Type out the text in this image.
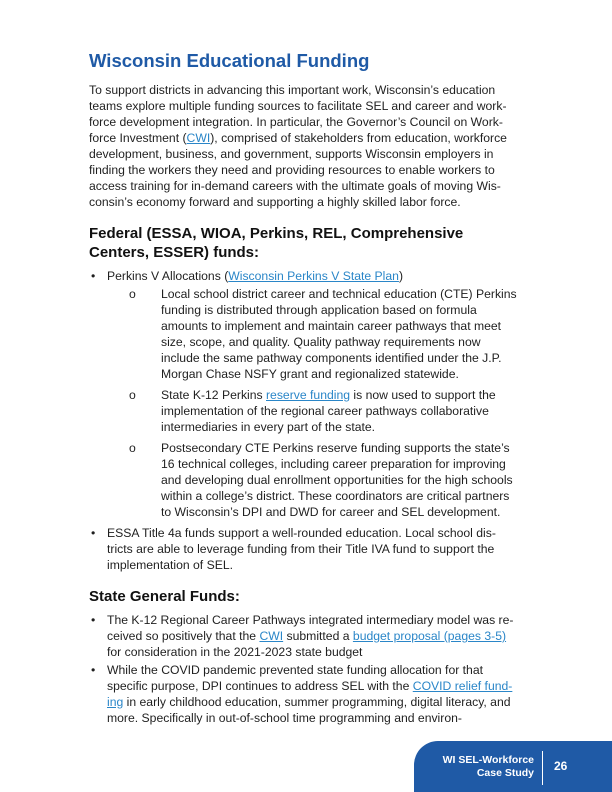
Wisconsin Educational Funding

To support districts in advancing this important work, Wisconsin’s education teams explore multiple funding sources to facilitate SEL and career and work-force development integration. In particular, the Governor’s Council on Work-force Investment (CWI), comprised of stakeholders from education, workforce development, business, and government, supports Wisconsin employers in finding the workers they need and providing resources to enable workers to access training for in-demand careers with the ultimate goals of moving Wis-consin’s economy forward and supporting a highly skilled labor force.

Federal (ESSA, WIOA, Perkins, REL, Comprehensive Centers, ESSER) funds:
• Perkins V Allocations (Wisconsin Perkins V State Plan)
o Local school district career and technical education (CTE) Perkins funding is distributed through application based on formula amounts to implement and maintain career pathways that meet size, scope, and quality. Quality pathway requirements now include the same pathway components identified under the J.P. Morgan Chase NSFY grant and regionalized statewide.
o State K-12 Perkins reserve funding is now used to support the implementation of the regional career pathways collaborative intermediaries in every part of the state.
o Postsecondary CTE Perkins reserve funding supports the state’s 16 technical colleges, including career preparation for improving and developing dual enrollment opportunities for the high schools within a college’s district. These coordinators are critical partners to Wisconsin’s DPI and DWD for career and SEL development.
• ESSA Title 4a funds support a well-rounded education. Local school dis-tricts are able to leverage funding from their Title IVA fund to support the implementation of SEL.
State General Funds:
• The K-12 Regional Career Pathways integrated intermediary model was re-ceived so positively that the CWI submitted a budget proposal (pages 3-5) for consideration in the 2021-2023 state budget
• While the COVID pandemic prevented state funding allocation for that specific purpose, DPI continues to address SEL with the COVID relief fund-ing in early childhood education, summer programming, digital literacy, and more. Specifically in out-of-school time programming and environ-
WI SEL-Workforce
Case Study 26
